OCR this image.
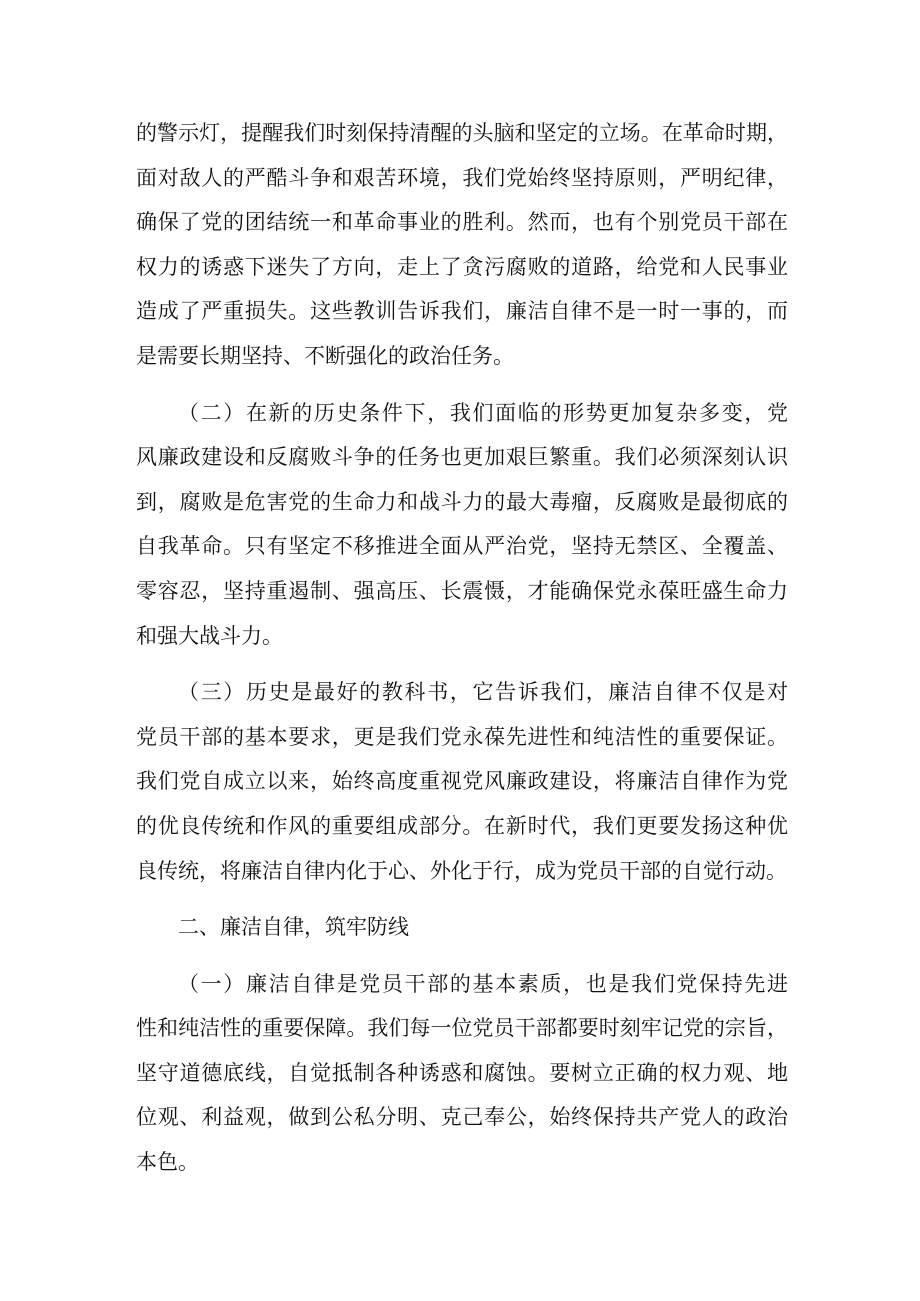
的警示灯，提醒我们时刻保持清醒的头脑和坚定的立场。在革命时期，
面对敌人的严酷斗争和艰苦环境，我们党始终坚持原则，严明纪律，
确保了党的团结统一和革命事业的胜利。然而，也有个别党员干部在
权力的诱惑下迷失了方向，走上了贪污腐败的道路，给党和人民事业
造成了严重损失。这些教训告诉我们，廉洁自律不是一时一事的，而
是需要长期坚持、不断强化的政治任务。
（二）在新的历史条件下，我们面临的形势更加复杂多变，党
风廉政建设和反腐败斗争的任务也更加艰巨繁重。我们必须深刻认识
到，腐败是危害党的生命力和战斗力的最大毒瘤，反腐败是最彻底的
自我革命。只有坚定不移推进全面从严治党，坚持无禁区、全覆盖、
零容忍，坚持重遏制、强高压、长震慑，才能确保党永葆旺盛生命力
和强大战斗力。
（三）历史是最好的教科书，它告诉我们，廉洁自律不仅是对
党员干部的基本要求，更是我们党永葆先进性和纯洁性的重要保证。
我们党自成立以来，始终高度重视党风廉政建设，将廉洁自律作为党
的优良传统和作风的重要组成部分。在新时代，我们更要发扬这种优
良传统，将廉洁自律内化于心、外化于行，成为党员干部的自觉行动。
二、廉洁自律，筑牢防线
（一）廉洁自律是党员干部的基本素质，也是我们党保持先进
性和纯洁性的重要保障。我们每一位党员干部都要时刻牢记党的宗旨，
坚守道德底线，自觉抵制各种诱惑和腐蚀。要树立正确的权力观、地
位观、利益观，做到公私分明、克己奉公，始终保持共产党人的政治
本色。
